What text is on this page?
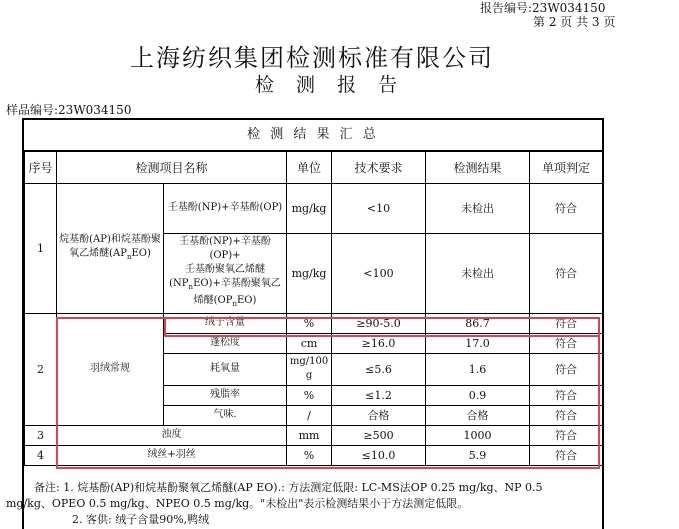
报告编号:23W034150
第 2 页 共 3 页
上海纺织集团检测标准有限公司
检 测 报 告
样品编号:23W034150
检 测 结 果 汇 总
序号	检测项目名称		单位	技术要求	检测结果	单项判定
1	烷基酚(AP)和烷基酚聚氧乙烯醚$(AP_nEO)$	壬基酚(NP)+辛基酚(OP)	mg/kg	<10	未检出	符合
		壬基酚(NP)+辛基酚(OP)+
壬基酚聚氧乙烯醚
$(NP_nEO)+$辛基酚聚氧乙
烯醚$(OP_nEO)$	mg/kg	<100	未检出	符合
2	羽绒常规	绒子含量	%	≥90-5.0	86.7	符合
		蓬松度	cm	≥16.0	17.0	符合
		耗氧量	mg/100g	≤5.6	1.6	符合
		残脂率	%	≤1.2	0.9	符合
		气味.	/	合格	合格	符合
3	浊度		mm	≥500	1000	符合
4	绒丝+羽丝		%	≤10.0	5.9	符合
备注: 1. 烷基酚(AP)和烷基酚聚氧乙烯醚(AP EO).: 方法测定低限: LC-MS法OP 0.25 mg/kg、NP 0.5
mg/kg、OPEO 0.5 mg/kg、NPEO 0.5 mg/kg。"未检出"表示检测结果小于方法测定低限。
2. 客供: 绒子含量90%,鸭绒
